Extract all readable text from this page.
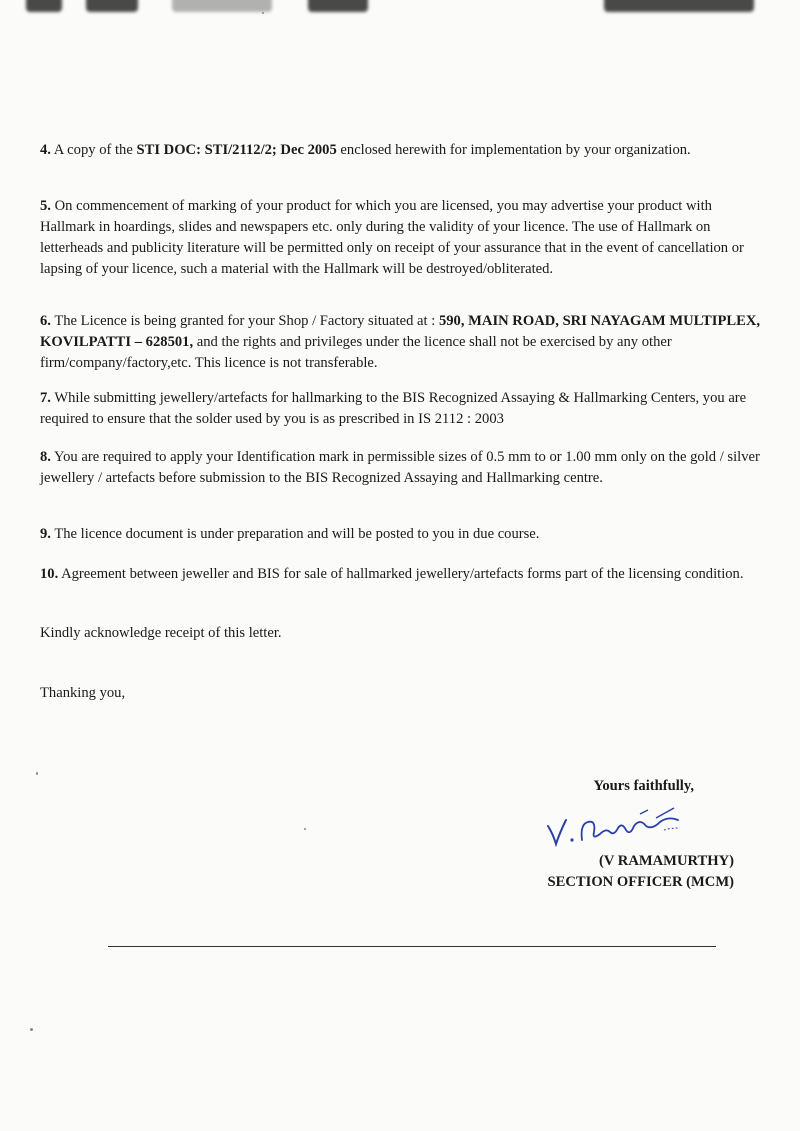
4. A copy of the STI DOC: STI/2112/2; Dec 2005 enclosed herewith for implementation by your organization.

5. On commencement of marking of your product for which you are licensed, you may advertise your product with Hallmark in hoardings, slides and newspapers etc. only during the validity of your licence. The use of Hallmark on letterheads and publicity literature will be permitted only on receipt of your assurance that in the event of cancellation or lapsing of your licence, such a material with the Hallmark will be destroyed/obliterated.

6. The Licence is being granted for your Shop / Factory situated at : 590, MAIN ROAD, SRI NAYAGAM MULTIPLEX, KOVILPATTI – 628501, and the rights and privileges under the licence shall not be exercised by any other firm/company/factory,etc. This licence is not transferable.

7. While submitting jewellery/artefacts for hallmarking to the BIS Recognized Assaying & Hallmarking Centers, you are required to ensure that the solder used by you is as prescribed in IS 2112 : 2003

8. You are required to apply your Identification mark in permissible sizes of 0.5 mm to or 1.00 mm only on the gold / silver jewellery / artefacts before submission to the BIS Recognized Assaying and Hallmarking centre.

9. The licence document is under preparation and will be posted to you in due course.

10. Agreement between jeweller and BIS for sale of hallmarked jewellery/artefacts forms part of the licensing condition.

Kindly acknowledge receipt of this letter.

Thanking you,

Yours faithfully,
(V RAMAMURTHY)
SECTION OFFICER (MCM)
